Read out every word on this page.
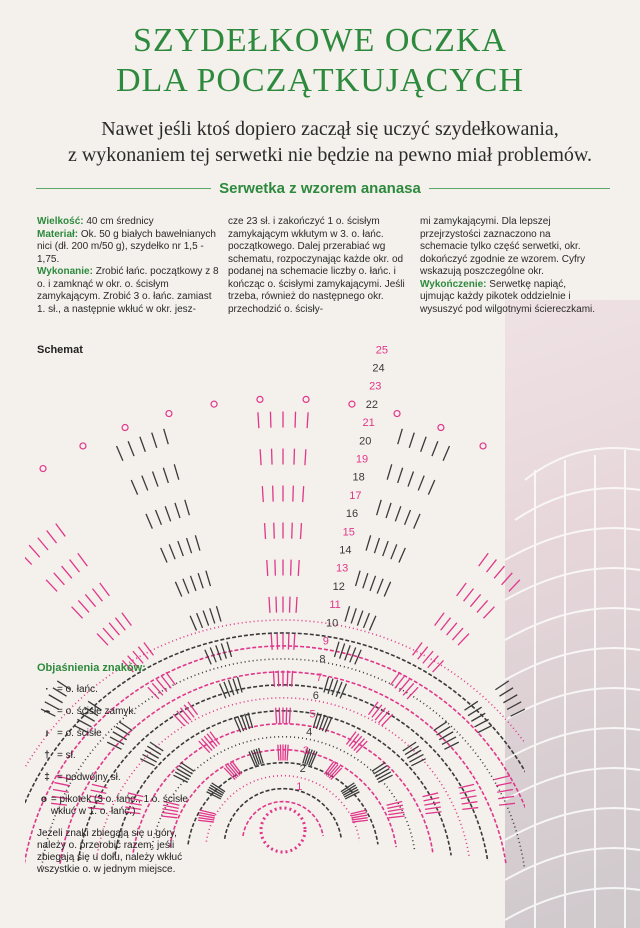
SZYDEŁKOWE OCZKA
DLA POCZĄTKUJĄCYCH
Nawet jeśli ktoś dopiero zaczął się uczyć szydełkowania,
z wykonaniem tej serwetki nie będzie na pewno miał problemów.
Serwetka z wzorem ananasa
Wielkość: 40 cm średnicy
Materiał: Ok. 50 g białych bawełnianych nici (dł. 200 m/50 g), szydełko nr 1,5 - 1,75.
Wykonanie: Zrobić łańc. początkowy z 8 o. i zamknąć w okr. o. ścisłym zamykającym. Zrobić 3 o. łańc. zamiast 1. sł., a następnie wkłuć w okr. jesz-
cze 23 sł. i zakończyć 1 o. ścisłym zamykającym wkłutym w 3. o. łańc. początkowego. Dalej przerabiać wg schematu, rozpoczynając każde okr. od podanej na schemacie liczby o. łańc. i kończąc o. ścisłymi zamykającymi. Jeśli trzeba, również do następnego okr. przechodzić o. ścisły-
mi zamykającymi. Dla lepszej przejrzystości zaznaczono na schemacie tylko część serwetki, okr. dokończyć zgodnie ze wzorem. Cyfry wskazują poszczególne okr.
Wykończenie: Serwetkę napiąć, ujmując każdy pikotek oddzielnie i wysuszyć pod wilgotnymi ściereczkami.
Schemat
1
2
3
4
5
6
7
8
9
10
11
12
13
14
15
16
17
18
19
20
21
22
23
24
25
Objaśnienia znaków:
· = o. łańc.
⌢ = o. ścisłe zamyk.
ı = o. ścisłe
† = sł.
‡ = podwójny sł.
o = pikotek (3 o. łańc., 1 o. ścisłe wkłuć w 1. o. łańc.)
Jeżeli znaki zbiegają się u góry, należy o. przerobić razem, jeśli zbiegają się u dołu, należy wkłuć wszystkie o. w jednym miejsce.
